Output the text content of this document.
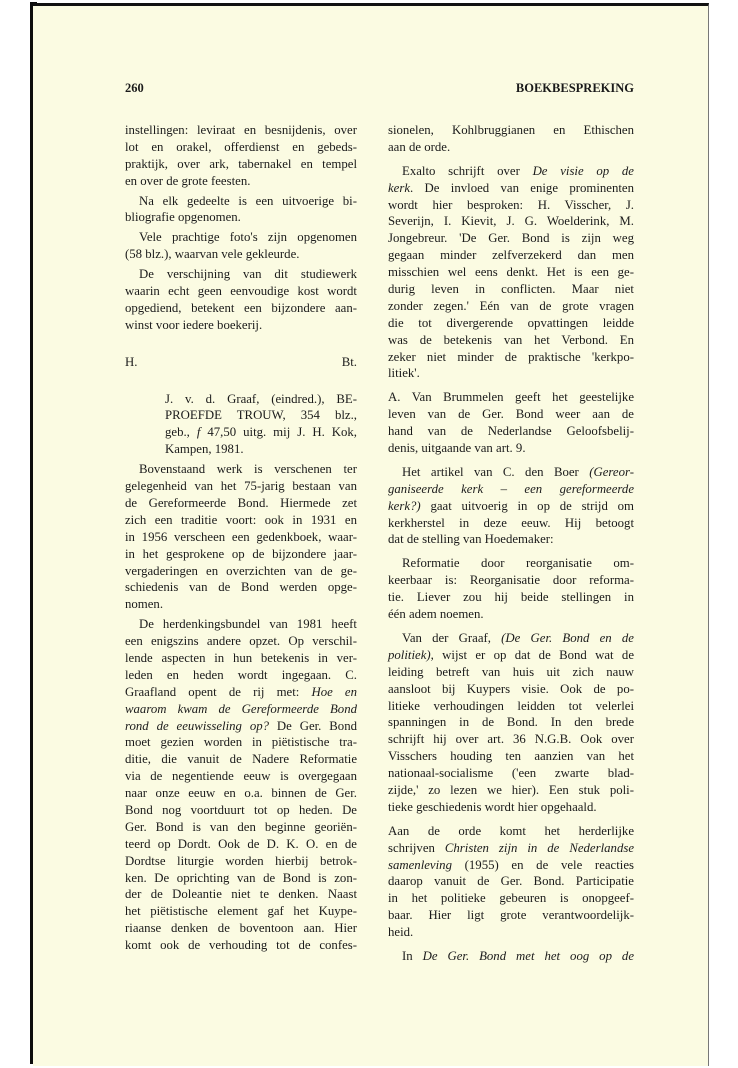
260	BOEKBESPREKING
instellingen: leviraat en besnijdenis, over
lot en orakel, offerdienst en gebeds-
praktijk, over ark, tabernakel en tempel
en over de grote feesten.
Na elk gedeelte is een uitvoerige bi-
bliografie opgenomen.
Vele prachtige foto's zijn opgenomen
(58 blz.), waarvan vele gekleurde.
De verschijning van dit studiewerk
waarin echt geen eenvoudige kost wordt
opgediend, betekent een bijzondere aan-
winst voor iedere boekerij.
H.	Bt.
J. v. d. Graaf, (eindred.), BE-
PROEFDE TROUW, 354 blz.,
geb., f 47,50 uitg. mij J. H. Kok,
Kampen, 1981.
Bovenstaand werk is verschenen ter
gelegenheid van het 75-jarig bestaan van
de Gereformeerde Bond. Hiermede zet
zich een traditie voort: ook in 1931 en
in 1956 verscheen een gedenkboek, waar-
in het gesprokene op de bijzondere jaar-
vergaderingen en overzichten van de ge-
schiedenis van de Bond werden opge-
nomen.
De herdenkingsbundel van 1981 heeft
een enigszins andere opzet. Op verschil-
lende aspecten in hun betekenis in ver-
leden en heden wordt ingegaan. C.
Graafland opent de rij met: Hoe en
waarom kwam de Gereformeerde Bond
rond de eeuwisseling op? De Ger. Bond
moet gezien worden in piëtistische tra-
ditie, die vanuit de Nadere Reformatie
via de negentiende eeuw is overgegaan
naar onze eeuw en o.a. binnen de Ger.
Bond nog voortduurt tot op heden. De
Ger. Bond is van den beginne georiën-
teerd op Dordt. Ook de D. K. O. en de
Dordtse liturgie worden hierbij betrok-
ken. De oprichting van de Bond is zon-
der de Doleantie niet te denken. Naast
het piëtistische element gaf het Kuype-
riaanse denken de boventoon aan. Hier
komt ook de verhouding tot de confes-
sionelen, Kohlbruggianen en Ethischen
aan de orde.
Exalto schrijft over De visie op de
kerk. De invloed van enige prominenten
wordt hier besproken: H. Visscher, J.
Severijn, I. Kievit, J. G. Woelderink, M.
Jongebreur. 'De Ger. Bond is zijn weg
gegaan minder zelfverzekerd dan men
misschien wel eens denkt. Het is een ge-
durig leven in conflicten. Maar niet
zonder zegen.' Eén van de grote vragen
die tot divergerende opvattingen leidde
was de betekenis van het Verbond. En
zeker niet minder de praktische 'kerkpo-
litiek'.
A. Van Brummelen geeft het geestelijke
leven van de Ger. Bond weer aan de
hand van de Nederlandse Geloofsbelij-
denis, uitgaande van art. 9.
Het artikel van C. den Boer (Gereor-
ganiseerde kerk – een gereformeerde
kerk?) gaat uitvoerig in op de strijd om
kerkherstel in deze eeuw. Hij betoogt
dat de stelling van Hoedemaker:
Reformatie door reorganisatie om-
keerbaar is: Reorganisatie door reforma-
tie. Liever zou hij beide stellingen in
één adem noemen.
Van der Graaf, (De Ger. Bond en de
politiek), wijst er op dat de Bond wat de
leiding betreft van huis uit zich nauw
aansloot bij Kuypers visie. Ook de po-
litieke verhoudingen leidden tot velerlei
spanningen in de Bond. In den brede
schrijft hij over art. 36 N.G.B. Ook over
Visschers houding ten aanzien van het
nationaal-socialisme ('een zwarte blad-
zijde,' zo lezen we hier). Een stuk poli-
tieke geschiedenis wordt hier opgehaald.
Aan de orde komt het herderlijke
schrijven Christen zijn in de Nederlandse
samenleving (1955) en de vele reacties
daarop vanuit de Ger. Bond. Participatie
in het politieke gebeuren is onopgeef-
baar. Hier ligt grote verantwoordelijk-
heid.
In De Ger. Bond met het oog op de
